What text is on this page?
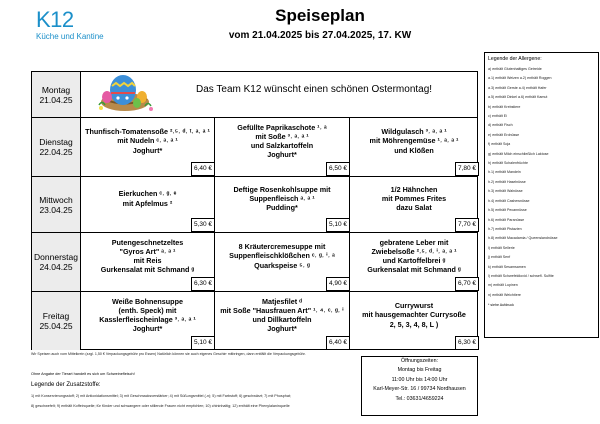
K12
Küche und Kantine
Speiseplan
vom 21.04.2025 bis 27.04.2025, 17. KW
Montag
21.04.25
Das Team K12 wünscht einen schönen Ostermontag!
Dienstag
22.04.25
Thunfisch-Tomatensoße ²˒⁵˒ ᵈ˒ ᵗ˒ ᵃ˒ ᵃ ¹
mit Nudeln ᶜ˒ ᵃ˒ ᵃ ¹
Joghurt*
6,40 €
Gefüllte Paprikaschote ¹˒ ᵃ
mit Soße ³˒ ᵃ˒ ᵃ ¹
und Salzkartoffeln
Joghurt*
6,50 €
Wildgulasch ³˒ ᵃ˒ ᵃ ¹
mit Möhrengemüse ¹˒ ᵃ˒ ᵃ ¹
und Klößen
7,80 €
Mittwoch
23.04.25
Eierkuchen ᶜ˒ ᵍ˒ ᵉ
mit Apfelmus ²
5,30 €
Deftige Rosenkohlsuppe mit
Suppenfleisch ᵃ˒ ᵃ ¹
Pudding*
5,10 €
1/2 Hähnchen
mit Pommes Frites
dazu Salat
7,70 €
Donnerstag
24.04.25
Putengeschnetzeltes
"Gyros Art" ᵃ˒ ᵃ ¹
mit Reis
Gurkensalat mit Schmand ᵍ
6,30 €
8 Kräutercremesuppe mit
Suppenfleischklößchen ᶜ˒ ᵍ˒ ⁱ˒ ᵃ
Quarkspeise ⁵˒ ᵍ
4,90 €
gebratene Leber mit
Zwiebelsoße ²˒⁵˒ ᵈ˒ ⁱ˒ ᵃ˒ ᵃ ¹
und Kartoffelbrei ᵍ
Gurkensalat mit Schmand ᵍ
6,70 €
Freitag
25.04.25
Weiße Bohnensuppe
(enth. Speck) mit
Kasslerfleischeinlage ³˒ ᵃ˒ ᵃ ¹
Joghurt*
5,10 €
Matjesfilet ᵈ
mit Soße "Hausfrauen Art" ¹˒ ⁴˒ ᶜ˒ ᵍ˒ ⁱ
und Dillkartoffeln
Joghurt*
6,40 €
Currywurst
mit hausgemachter Currysoße
2, 5, 3, 4, 8, L )
6,30 €
Legende der Allergene:
a) enthält Glutenhaltiges Getreide
a.1) enthält Weizen a.2) enthält Roggen
a.3) enthält Gerste a.4) enthält Hafer
a.5) enthält Dinkel a.6) enthält Kamut
b) enthält Krebstiere
c) enthält Ei
d) enthält Fisch
e) enthält Erdnüsse
f) enthält Soja
g) enthält Milch einschließlich Laktose
h) enthält Schalenfrüchte
h.1) enthält Mandeln
h.2) enthält Haselnüsse
h.3) enthält Walnüsse
h.4) enthält Cashewnüsse
h.5) enthält Pecannüsse
h.6) enthält Paranüsse
h.7) enthält Pistazien
h.8) enthält Macadamia / Queenslandnüsse
i) enthält Sellerie
j) enthält Senf
k) enthält Sesamsamen
l) enthält Schwefeldioxid / schwefl. Sulfite
m) enthält Lupinen
n) enthält Weichtiere
* siehe Aufdruck
Wir Speisen auch vom Mittelkrein (zzgl. 1,50 € Verpackungsgebühr pro Essen) Natürlich können sie auch eigenes Geschirr mitbringen, dann entfällt die Verpackungsgebühr.
Ohne Angabe der Tierart handelt es sich um Schweinefleisch!
Legende der Zusatzstoffe:
1) mit Konservierungsstoff; 2) mit Antioxidationsmittel; 3) mit Geschmacksverstärker; 4) mit Süßungsmittel (-n); 5) mit Farbstoff; 6) geschwärzt; 7) mit Phosphat;
8) geschwefelt; 9) enthält Koffeinquelle; für Kinder und schwangere oder stillende Frauen nicht empfohlen; 10) chininhaltig; 12) enthält eine Phenylalaninquelle
Öffnungszeiten:
Montag bis Freitag
11:00 Uhr bis 14:00 Uhr
Karl-Meyer-Str. 16 / 99734 Nordhausen
Tel.: 03631/4659224
